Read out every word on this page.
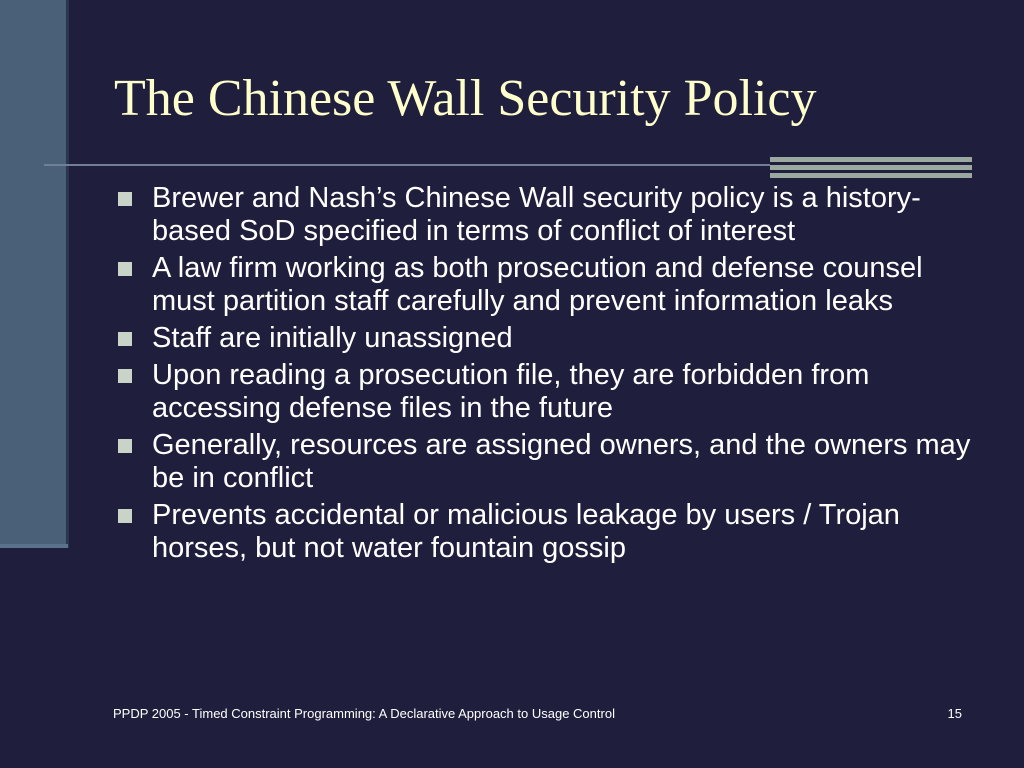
The Chinese Wall Security Policy
Brewer and Nash’s Chinese Wall security policy is a history-based SoD specified in terms of conflict of interest
A law firm working as both prosecution and defense counsel must partition staff carefully and prevent information leaks
Staff are initially unassigned
Upon reading a prosecution file, they are forbidden from accessing defense files in the future
Generally, resources are assigned owners, and the owners may be in conflict
Prevents accidental or malicious leakage by users / Trojan horses, but not water fountain gossip
PPDP 2005 - Timed Constraint Programming: A Declarative Approach to Usage Control	15
